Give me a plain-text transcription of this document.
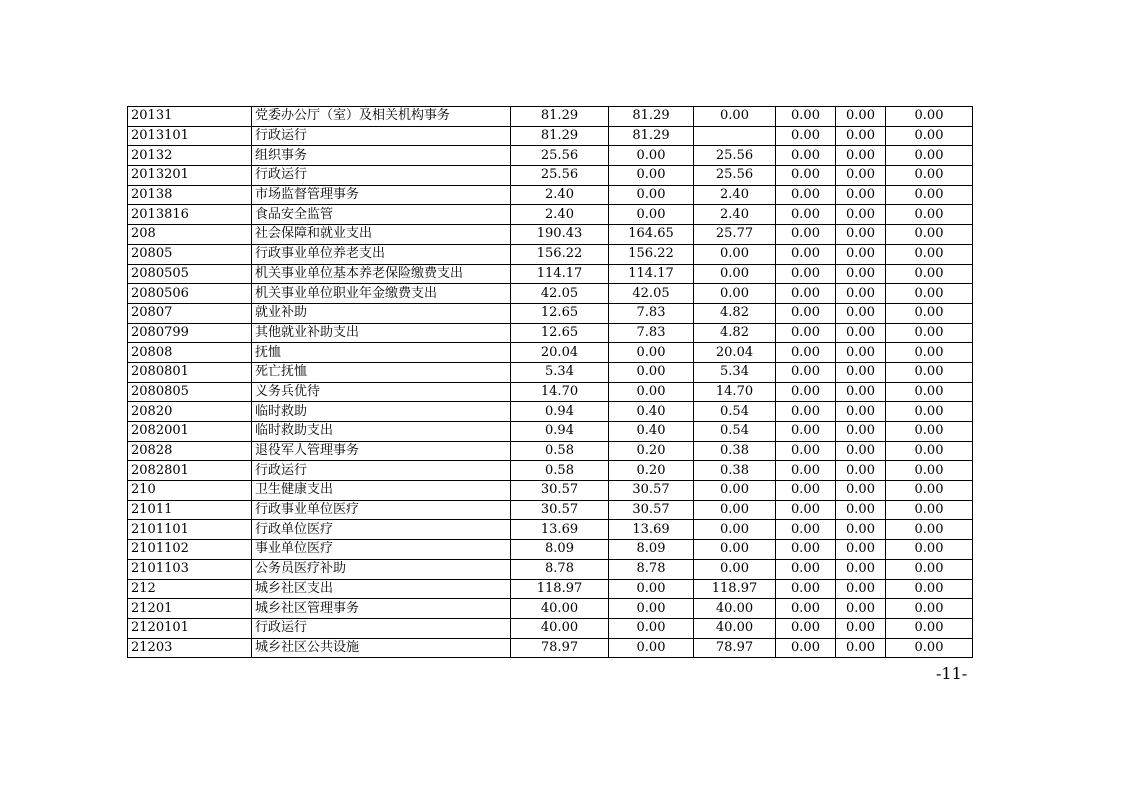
20131	党委办公厅（室）及相关机构事务	81.29	81.29	0.00	0.00	0.00	0.00
2013101	行政运行	81.29	81.29		0.00	0.00	0.00
20132	组织事务	25.56	0.00	25.56	0.00	0.00	0.00
2013201	行政运行	25.56	0.00	25.56	0.00	0.00	0.00
20138	市场监督管理事务	2.40	0.00	2.40	0.00	0.00	0.00
2013816	食品安全监管	2.40	0.00	2.40	0.00	0.00	0.00
208	社会保障和就业支出	190.43	164.65	25.77	0.00	0.00	0.00
20805	行政事业单位养老支出	156.22	156.22	0.00	0.00	0.00	0.00
2080505	机关事业单位基本养老保险缴费支出	114.17	114.17	0.00	0.00	0.00	0.00
2080506	机关事业单位职业年金缴费支出	42.05	42.05	0.00	0.00	0.00	0.00
20807	就业补助	12.65	7.83	4.82	0.00	0.00	0.00
2080799	其他就业补助支出	12.65	7.83	4.82	0.00	0.00	0.00
20808	抚恤	20.04	0.00	20.04	0.00	0.00	0.00
2080801	死亡抚恤	5.34	0.00	5.34	0.00	0.00	0.00
2080805	义务兵优待	14.70	0.00	14.70	0.00	0.00	0.00
20820	临时救助	0.94	0.40	0.54	0.00	0.00	0.00
2082001	临时救助支出	0.94	0.40	0.54	0.00	0.00	0.00
20828	退役军人管理事务	0.58	0.20	0.38	0.00	0.00	0.00
2082801	行政运行	0.58	0.20	0.38	0.00	0.00	0.00
210	卫生健康支出	30.57	30.57	0.00	0.00	0.00	0.00
21011	行政事业单位医疗	30.57	30.57	0.00	0.00	0.00	0.00
2101101	行政单位医疗	13.69	13.69	0.00	0.00	0.00	0.00
2101102	事业单位医疗	8.09	8.09	0.00	0.00	0.00	0.00
2101103	公务员医疗补助	8.78	8.78	0.00	0.00	0.00	0.00
212	城乡社区支出	118.97	0.00	118.97	0.00	0.00	0.00
21201	城乡社区管理事务	40.00	0.00	40.00	0.00	0.00	0.00
2120101	行政运行	40.00	0.00	40.00	0.00	0.00	0.00
21203	城乡社区公共设施	78.97	0.00	78.97	0.00	0.00	0.00
-11-
